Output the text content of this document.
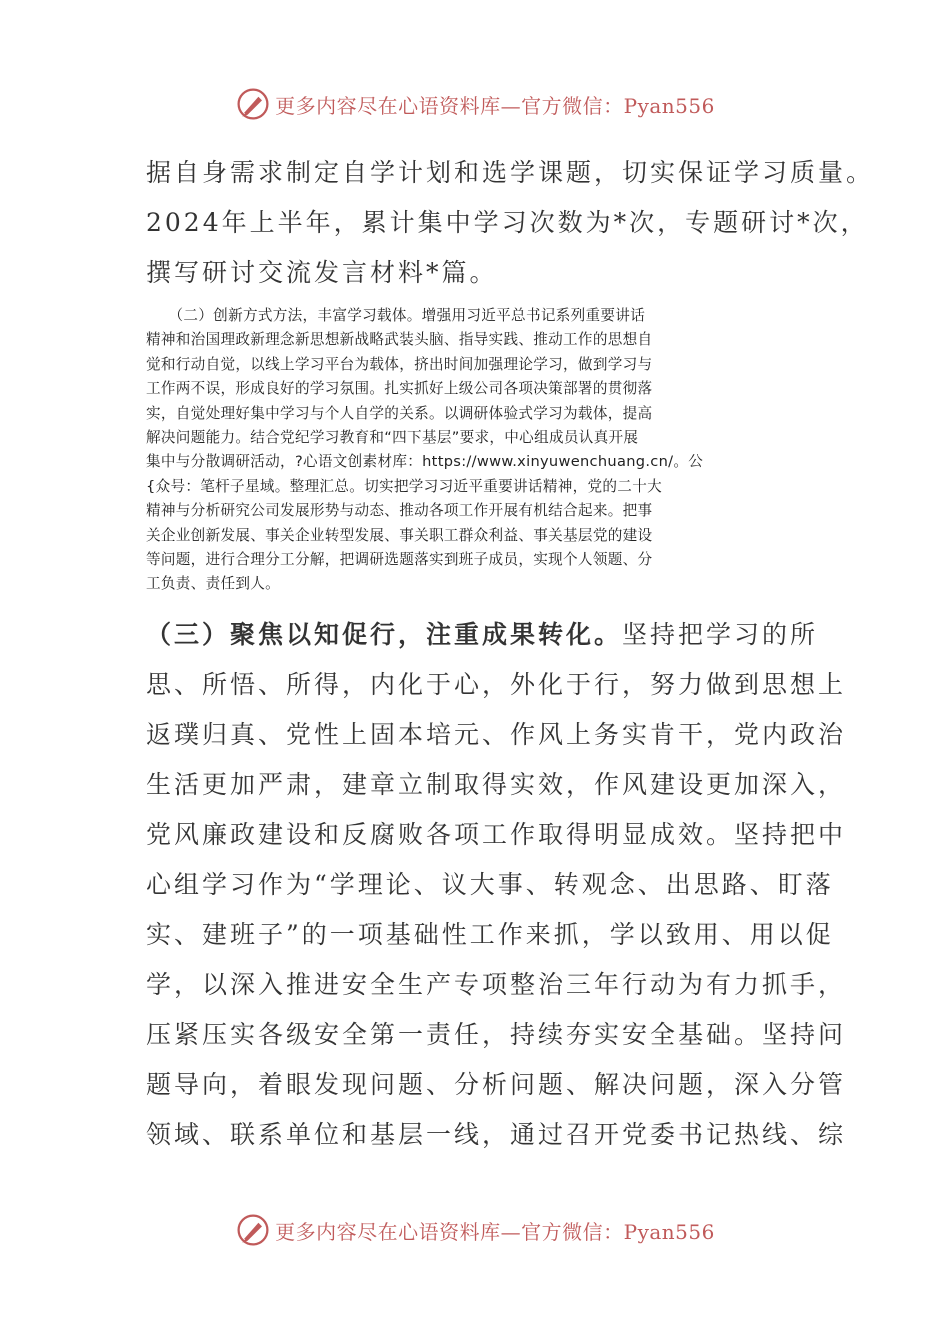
更多内容尽在心语资料库—官方微信：Pyan556

据自身需求制定自学计划和选学课题，切实保证学习质量。
2024年上半年，累计集中学习次数为*次，专题研讨*次，
撰写研讨交流发言材料*篇。

　　（二）创新方式方法，丰富学习载体。增强用习近平总书记系列重要讲话
精神和治国理政新理念新思想新战略武装头脑、指导实践、推动工作的思想自
觉和行动自觉，以线上学习平台为载体，挤出时间加强理论学习，做到学习与
工作两不误，形成良好的学习氛围。扎实抓好上级公司各项决策部署的贯彻落
实，自觉处理好集中学习与个人自学的关系。以调研体验式学习为载体，提高
解决问题能力。结合党纪学习教育和“四下基层”要求，中心组成员认真开展
集中与分散调研活动，?心语文创素材库：https://www.xinyuwenchuang.cn/。公
{众号：笔杆子星域。整理汇总。切实把学习习近平重要讲话精神，党的二十大
精神与分析研究公司发展形势与动态、推动各项工作开展有机结合起来。把事
关企业创新发展、事关企业转型发展、事关职工群众利益、事关基层党的建设
等问题，进行合理分工分解，把调研选题落实到班子成员，实现个人领题、分
工负责、责任到人。

（三）聚焦以知促行，注重成果转化。坚持把学习的所
思、所悟、所得，内化于心，外化于行，努力做到思想上
返璞归真、党性上固本培元、作风上务实肯干，党内政治
生活更加严肃，建章立制取得实效，作风建设更加深入，
党风廉政建设和反腐败各项工作取得明显成效。坚持把中
心组学习作为“学理论、议大事、转观念、出思路、盯落
实、建班子”的一项基础性工作来抓，学以致用、用以促
学，以深入推进安全生产专项整治三年行动为有力抓手，
压紧压实各级安全第一责任，持续夯实安全基础。坚持问
题导向，着眼发现问题、分析问题、解决问题，深入分管
领域、联系单位和基层一线，通过召开党委书记热线、综

更多内容尽在心语资料库—官方微信：Pyan556
